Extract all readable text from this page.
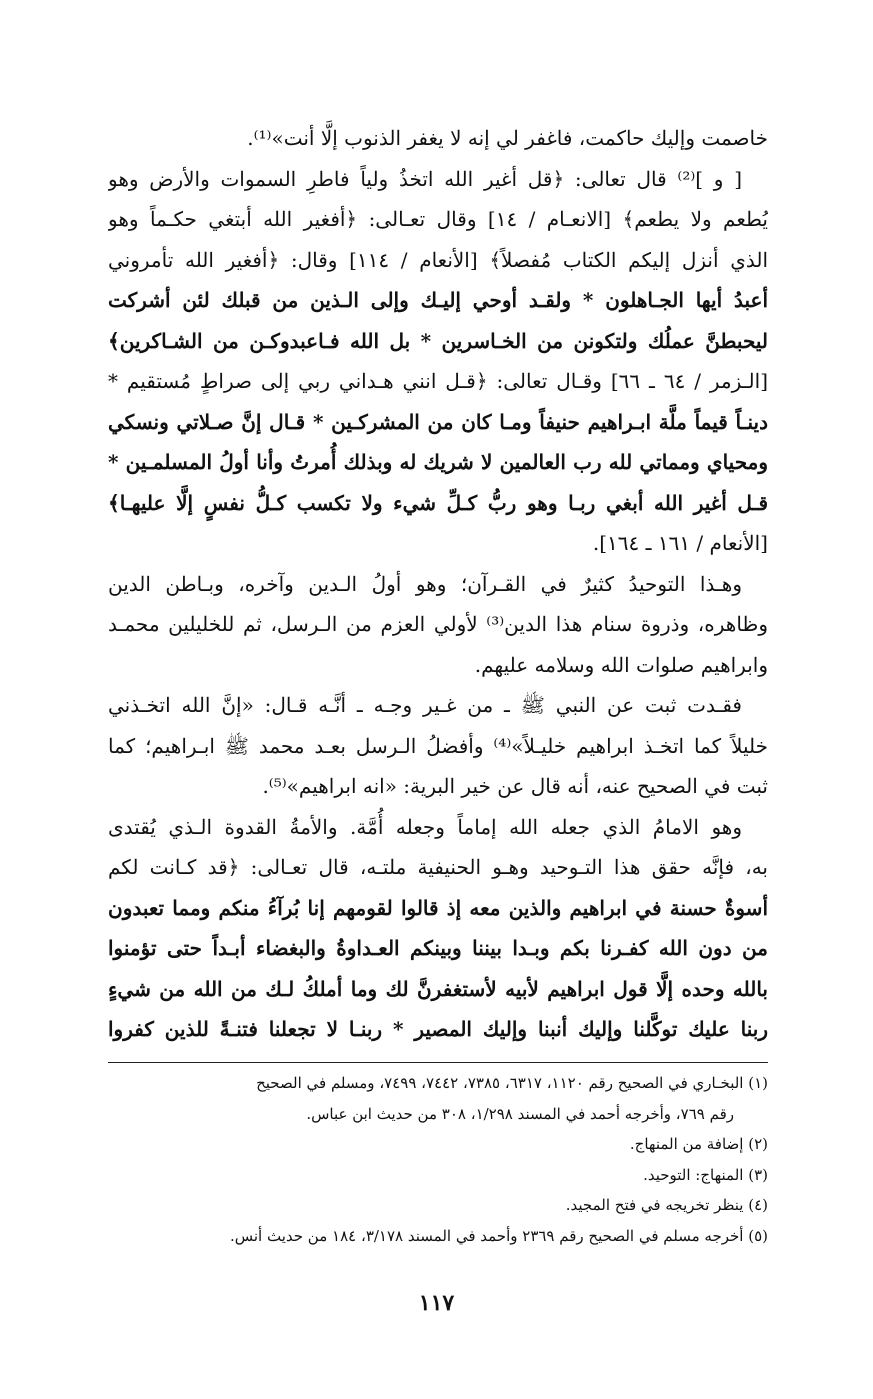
خاصمت وإليك حاكمت، فاغفر لي إنه لا يغفر الذنوب إلَّا أنت»⁽¹⁾.
[ و ]⁽²⁾ قال تعالى: ﴿قل أغير الله اتخذُ ولياً فاطرِ السموات والأرض وهو
يُطعم ولا يطعم﴾ [الانعـام / ١٤] وقال تعـالى: ﴿أفغير الله أبتغي حكـماً وهو
الذي أنزل إليكم الكتاب مُفصلاً﴾ [الأنعام / ١١٤] وقال: ﴿أفغير الله تأمروني
أعبدُ أيها الجـاهلون * ولقـد أوحي إليـك وإلى الـذين من قبلك لئن أشركت
ليحبطنَّ عملُك ولتكونن من الخـاسرين * بل الله فـاعبدوكـن من الشـاكرين﴾
[الـزمر / ٦٤ ـ ٦٦] وقـال تعالى: ﴿قـل انني هـداني ربي إلى صراطٍ مُستقيم *
دينـاً قيماً ملَّة ابـراهيم حنيفاً ومـا كان من المشركـين * قـال إنَّ صـلاتي ونسكي
ومحياي ومماتي لله رب العالمين لا شريك له وبذلك أُمرتُ وأنا أولُ المسلمـين *
قـل أغير الله أبغي ربـا وهو ربُّ كـلِّ شيء ولا تكسب كـلُّ نفسٍ إلَّا عليهـا﴾
[الأنعام / ١٦١ ـ ١٦٤].
وهـذا التوحيدُ كثيرٌ في القـرآن؛ وهو أولُ الـدين وآخره، وبـاطن الدين
وظاهره، وذروة سنام هذا الدين⁽³⁾ لأولي العزم من الـرسل، ثم للخليلين محمـد
وابراهيم صلوات الله وسلامه عليهم.
فقـدت ثبت عن النبي ﷺ ـ من غـير وجـه ـ أنَّـه قـال: «إنَّ الله اتخـذني
خليلاً كما اتخـذ ابراهيم خليـلاً»⁽⁴⁾ وأفضلُ الـرسل بعـد محمد ﷺ ابـراهيم؛ كما
ثبت في الصحيح عنه، أنه قال عن خير البرية: «انه ابراهيم»⁽⁵⁾.
وهو الامامُ الذي جعله الله إماماً وجعله أُمَّة. والأمةُ القدوة الـذي يُقتدى
به، فإنَّه حقق هذا التـوحيد وهـو الحنيفية ملتـه، قال تعـالى: ﴿قد كـانت لكم
أسوةٌ حسنة في ابراهيم والذين معه إذ قالوا لقومهم إنا بُرآءُ منكم ومما تعبدون
من دون الله كفـرنا بكم وبـدا بيننا وبينكم العـداوةُ والبغضاء أبـداً حتى تؤمنوا
بالله وحده إلَّا قول ابراهيم لأبيه لأستغفرنَّ لك وما أملكُ لـك من الله من شيءٍ
ربنا عليك توكَّلنا وإليك أنبنا وإليك المصير * ربنـا لا تجعلنا فتنـةً للذين كفروا
(١) البخـاري في الصحيح رقم ١١٢٠، ٦٣١٧، ٧٣٨٥، ٧٤٤٢، ٧٤٩٩، ومسلم في الصحيح
رقم ٧٦٩، وأخرجه أحمد في المسند ١/٢٩٨، ٣٠٨ من حديث ابن عباس.
(٢) إضافة من المنهاج.
(٣) المنهاج: التوحيد.
(٤) ينظر تخريجه في فتح المجيد.
(٥) أخرجه مسلم في الصحيح رقم ٢٣٦٩ وأحمد في المسند ٣/١٧٨، ١٨٤ من حديث أنس.
١١٧
